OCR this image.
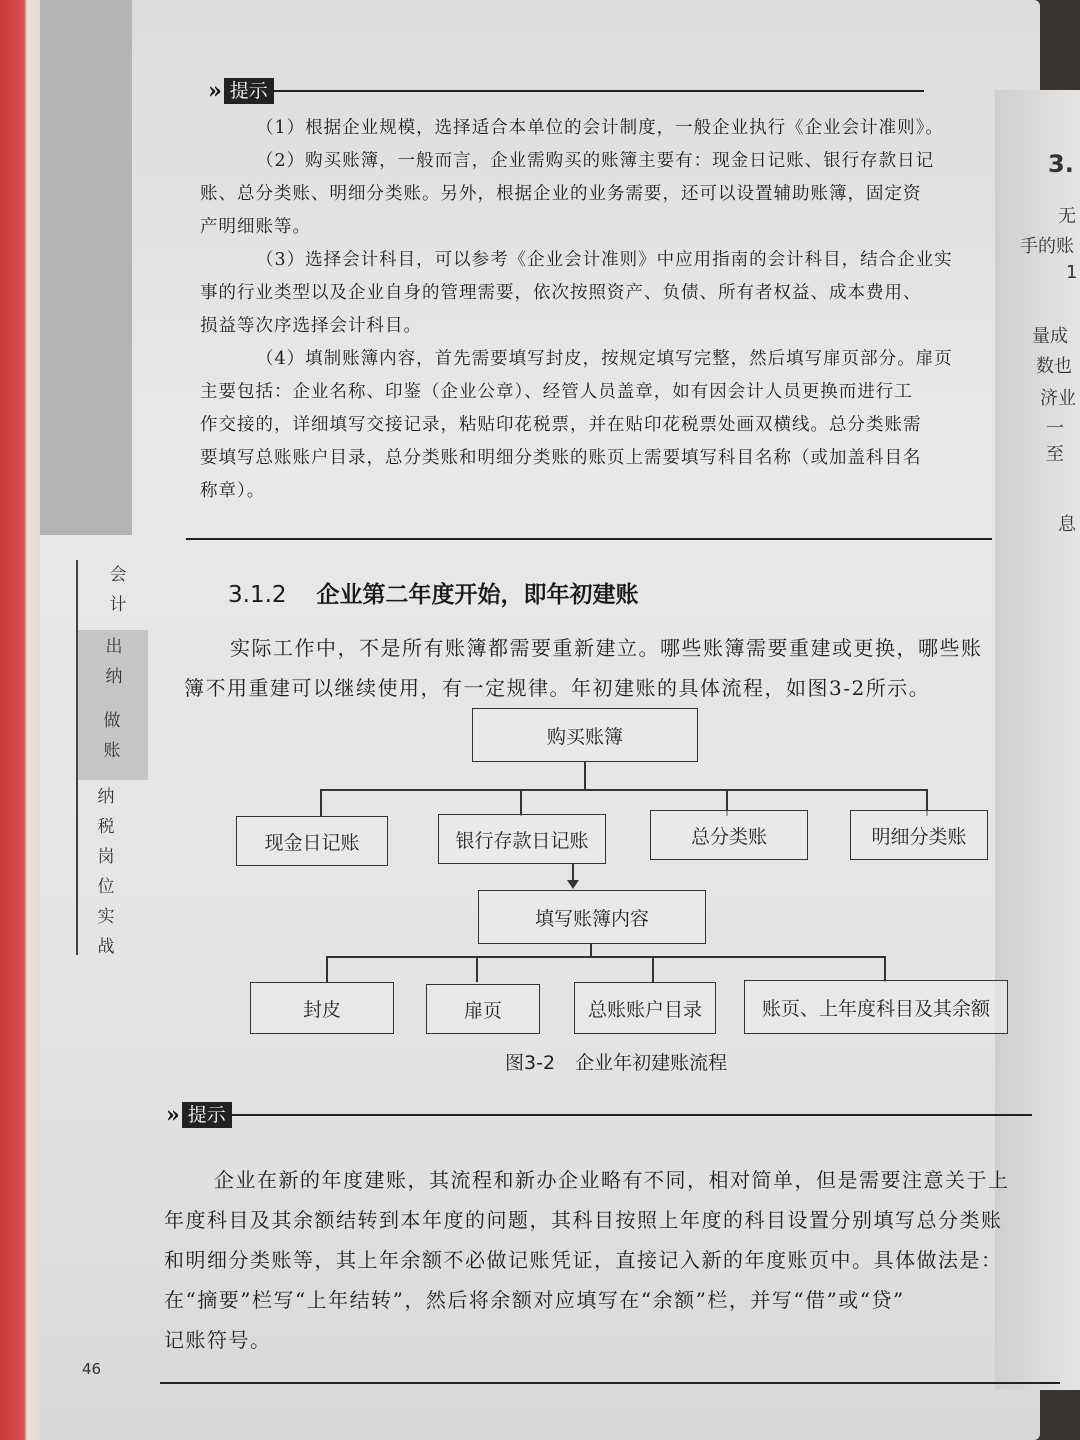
3.
无
手的账
1
量成
数也
济业
一至
息
会
计
出
纳
做
账
纳
税
岗
位
实
战
» 提示
（1）根据企业规模，选择适合本单位的会计制度，一般企业执行《企业会计准则》。
（2）购买账簿，一般而言，企业需购买的账簿主要有：现金日记账、银行存款日记
账、总分类账、明细分类账。另外，根据企业的业务需要，还可以设置辅助账簿，固定资
产明细账等。
（3）选择会计科目，可以参考《企业会计准则》中应用指南的会计科目，结合企业实
事的行业类型以及企业自身的管理需要，依次按照资产、负债、所有者权益、成本费用、
损益等次序选择会计科目。
（4）填制账簿内容，首先需要填写封皮，按规定填写完整，然后填写扉页部分。扉页
主要包括：企业名称、印鉴（企业公章）、经管人员盖章，如有因会计人员更换而进行工
作交接的，详细填写交接记录，粘贴印花税票，并在贴印花税票处画双横线。总分类账需
要填写总账账户目录，总分类账和明细分类账的账页上需要填写科目名称（或加盖科目名
称章）。
3.1.2 企业第二年度开始，即年初建账
实际工作中，不是所有账簿都需要重新建立。哪些账簿需要重建或更换，哪些账
簿不用重建可以继续使用，有一定规律。年初建账的具体流程，如图3-2所示。
购买账簿
现金日记账	银行存款日记账	总分类账	明细分类账
填写账簿内容
封皮	扉页	总账账户目录	账页、上年度科目及其余额
图3-2 企业年初建账流程
» 提示
企业在新的年度建账，其流程和新办企业略有不同，相对简单，但是需要注意关于上
年度科目及其余额结转到本年度的问题，其科目按照上年度的科目设置分别填写总分类账
和明细分类账等，其上年余额不必做记账凭证，直接记入新的年度账页中。具体做法是：
在“摘要”栏写“上年结转”，然后将余额对应填写在“余额”栏，并写“借”或“贷”
记账符号。
46
